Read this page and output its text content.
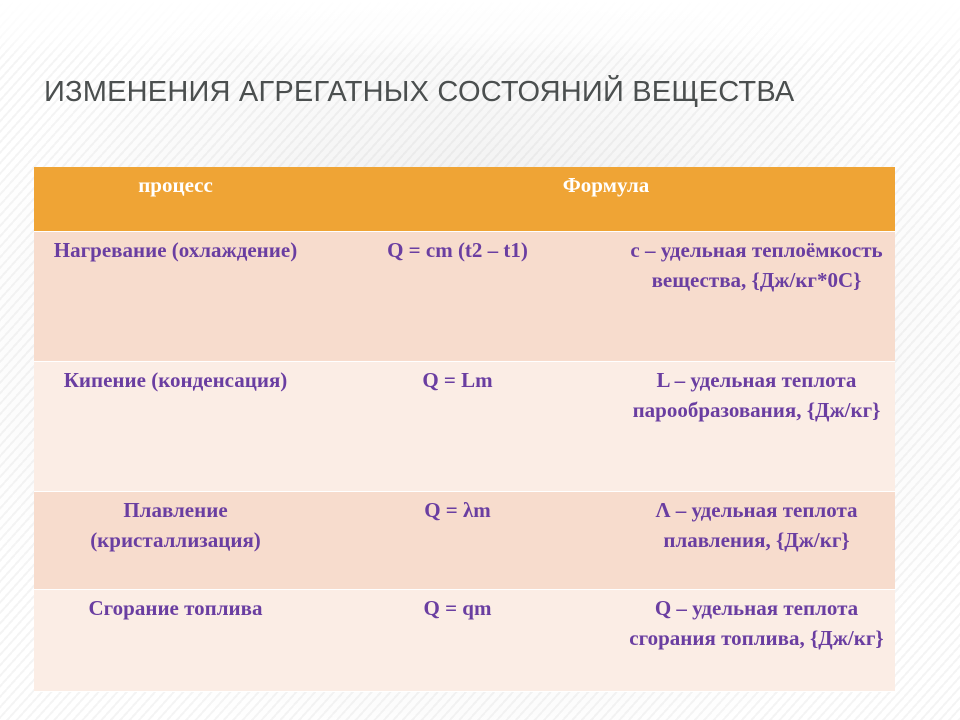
ИЗМЕНЕНИЯ АГРЕГАТНЫХ СОСТОЯНИЙ ВЕЩЕСТВА
процесс	Формула	
Нагревание (охлаждение)	Q = cm (t2 – t1)	c – удельная теплоёмкость вещества, {Дж/кг*0С}
Кипение (конденсация)	Q = Lm	L – удельная теплота парообразования, {Дж/кг}
Плавление (кристаллизация)	Q = λm	Λ – удельная теплота плавления, {Дж/кг}
Сгорание топлива	Q = qm	Q – удельная теплота сгорания топлива, {Дж/кг}
